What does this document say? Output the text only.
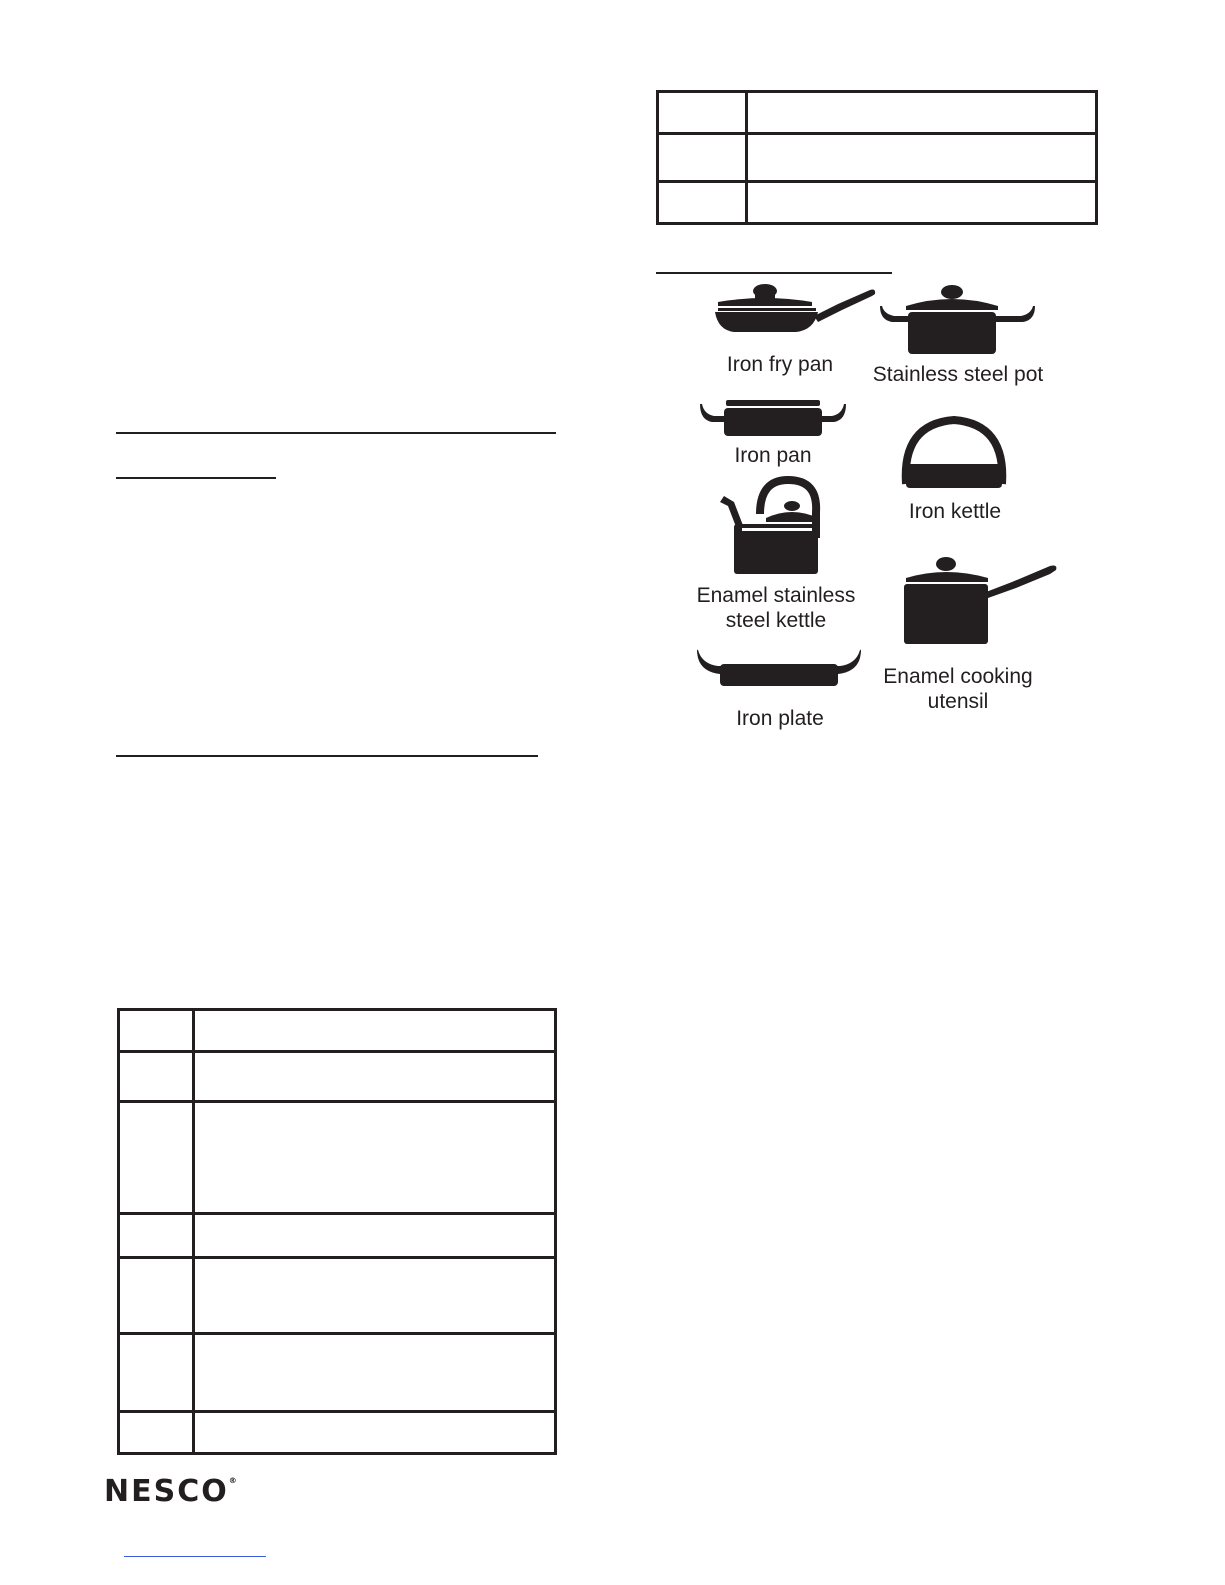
Iron fry pan	Stainless steel pot
Iron pan
Iron kettle
Enamel stainless
steel kettle
Enamel cooking
utensil
Iron plate
NESCO®
